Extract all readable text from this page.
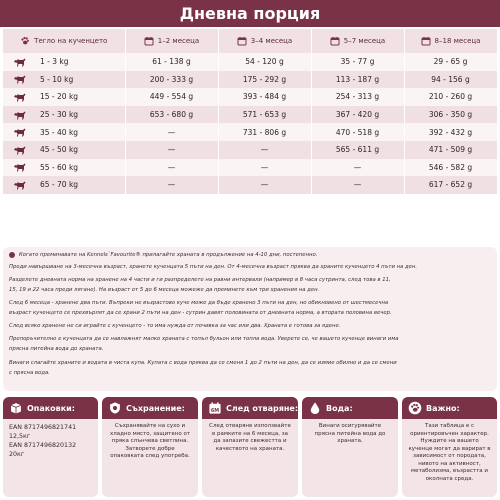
Дневна порция
Тегло на кученцето	1–2 месеца	3–4 месеца	5–7 месеца	8–18 месеца

1 - 3 kg	61 - 138 g	54 - 120 g	35 - 77 g	29 - 65 g

5 - 10 kg	200 - 333 g	175 - 292 g	113 - 187 g	94 - 156 g

15 - 20 kg	449 - 554 g	393 - 484 g	254 - 313 g	210 - 260 g

25 - 30 kg	653 - 680 g	571 - 653 g	367 - 420 g	306 - 350 g

35 - 40 kg	—	731 - 806 g	470 - 518 g	392 - 432 g

45 - 50 kg	—	—	565 - 611 g	471 - 509 g

55 - 60 kg	—	—	—	546 - 582 g

65 - 70 kg	—	—	—	617 - 652 g

Когато преминавате на Kennels`Favourite® прилагайте храната в продължение на 4-10 дни, постепенно.

Преди навършване на 3-месечна възраст, хранете кученцата 5 пъти на ден. От 4-месечна възраст пряква да храните кученцето 4 пъти на ден.

Разделете дневната норма на хранене на 4 части и ги разпределете на равни интервали (например в 8 часа сутринта, след това в 11,

15, 19 и 22 часа преди лягане). На възраст от 5 до 6 месеца можеже да преминете към три хранения на ден.

След 6 месеца - хранене два пъти. Въпреки не възрастово куче може да бъде хранено 3 пъти на ден, но обикновено от шестмесечна

възраст кученцето се прехвърлят да се храни 2 пъти на ден - сутрин давят половината от дневната норма, а втората половина вечер.

След всяко хранене не си играйте с кученцето - то има нужда от почивка за час или два. Храната е готова за ядене.

Препоръчително е кученцата да се навлажнят малко храната с топъл бульон или топла вода. Уверете се, че вашето кученце винаги има

прясна питейна вода до храната.

Винаги слагайте храните и водата в чиста купа. Купата с вода пряква да се сменя 1 до 2 пъти на ден, да се измие обилно и да се смени

с прясна вода.

Опаковки:
EAN 8717496821741
12,5кг
EAN 8717496820132
20кг
Съхранение:
Съхранявайте на сухо и хладно място, защитено от пряка слънчева светлина. Затворете добре опаковката след употреба.
6M След отваряне:
След отваряне използвайте в рамките на 6 месеца, за да запазите свежестта и качеството на храната.
Вода:
Винаги осигурявайте прясна питейна вода до храната.
Важно:
Тази таблица е с ориентировъчен характер. Нуждите на вашето кученце могат да варират в зависимост от породата, нивото на активност, метаболизма, възрастта и околната среда.
